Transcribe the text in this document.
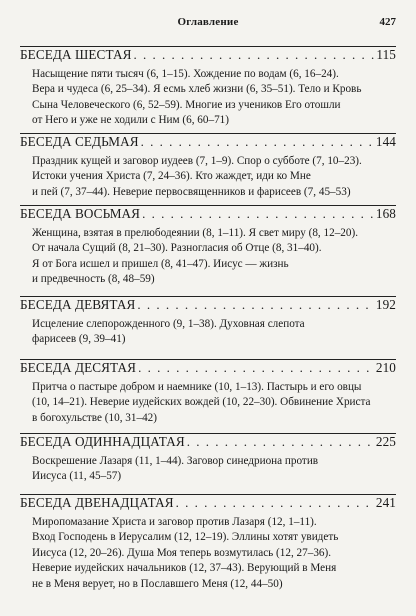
Оглавление	427
БЕСЕДА ШЕСТАЯ . . .	115
Насыщение пяти тысяч (6, 1–15). Хождение по водам (6, 16–24).
Вера и чудеса (6, 25–34). Я есмь хлеб жизни (6, 35–51). Тело и Кровь
Сына Человеческого (6, 52–59). Многие из учеников Его отошли
от Него и уже не ходили с Ним (6, 60–71)
БЕСЕДА СЕДЬМАЯ . . .	144
Праздник кущей и заговор иудеев (7, 1–9). Спор о субботе (7, 10–23).
Истоки учения Христа (7, 24–36). Кто жаждет, иди ко Мне
и пей (7, 37–44). Неверие первосвященников и фарисеев (7, 45–53)
БЕСЕДА ВОСЬМАЯ . . .	168
Женщина, взятая в прелюбодеянии (8, 1–11). Я свет миру (8, 12–20).
От начала Сущий (8, 21–30). Разногласия об Отце (8, 31–40).
Я от Бога исшел и пришел (8, 41–47). Иисус — жизнь
и предвечность (8, 48–59)
БЕСЕДА ДЕВЯТАЯ . . .	192
Исцеление слепорожденного (9, 1–38). Духовная слепота
фарисеев (9, 39–41)
БЕСЕДА ДЕСЯТАЯ . . .	210
Притча о пастыре добром и наемнике (10, 1–13). Пастырь и его овцы
(10, 14–21). Неверие иудейских вождей (10, 22–30). Обвинение Христа
в богохульстве (10, 31–42)
БЕСЕДА ОДИННАДЦАТАЯ . . .	225
Воскрешение Лазаря (11, 1–44). Заговор синедриона против
Иисуса (11, 45–57)
БЕСЕДА ДВЕНАДЦАТАЯ . . .	241
Миропомазание Христа и заговор против Лазаря (12, 1–11).
Вход Господень в Иерусалим (12, 12–19). Эллины хотят увидеть
Иисуса (12, 20–26). Душа Моя теперь возмутилась (12, 27–36).
Неверие иудейских начальников (12, 37–43). Верующий в Меня
не в Меня верует, но в Пославшего Меня (12, 44–50)
